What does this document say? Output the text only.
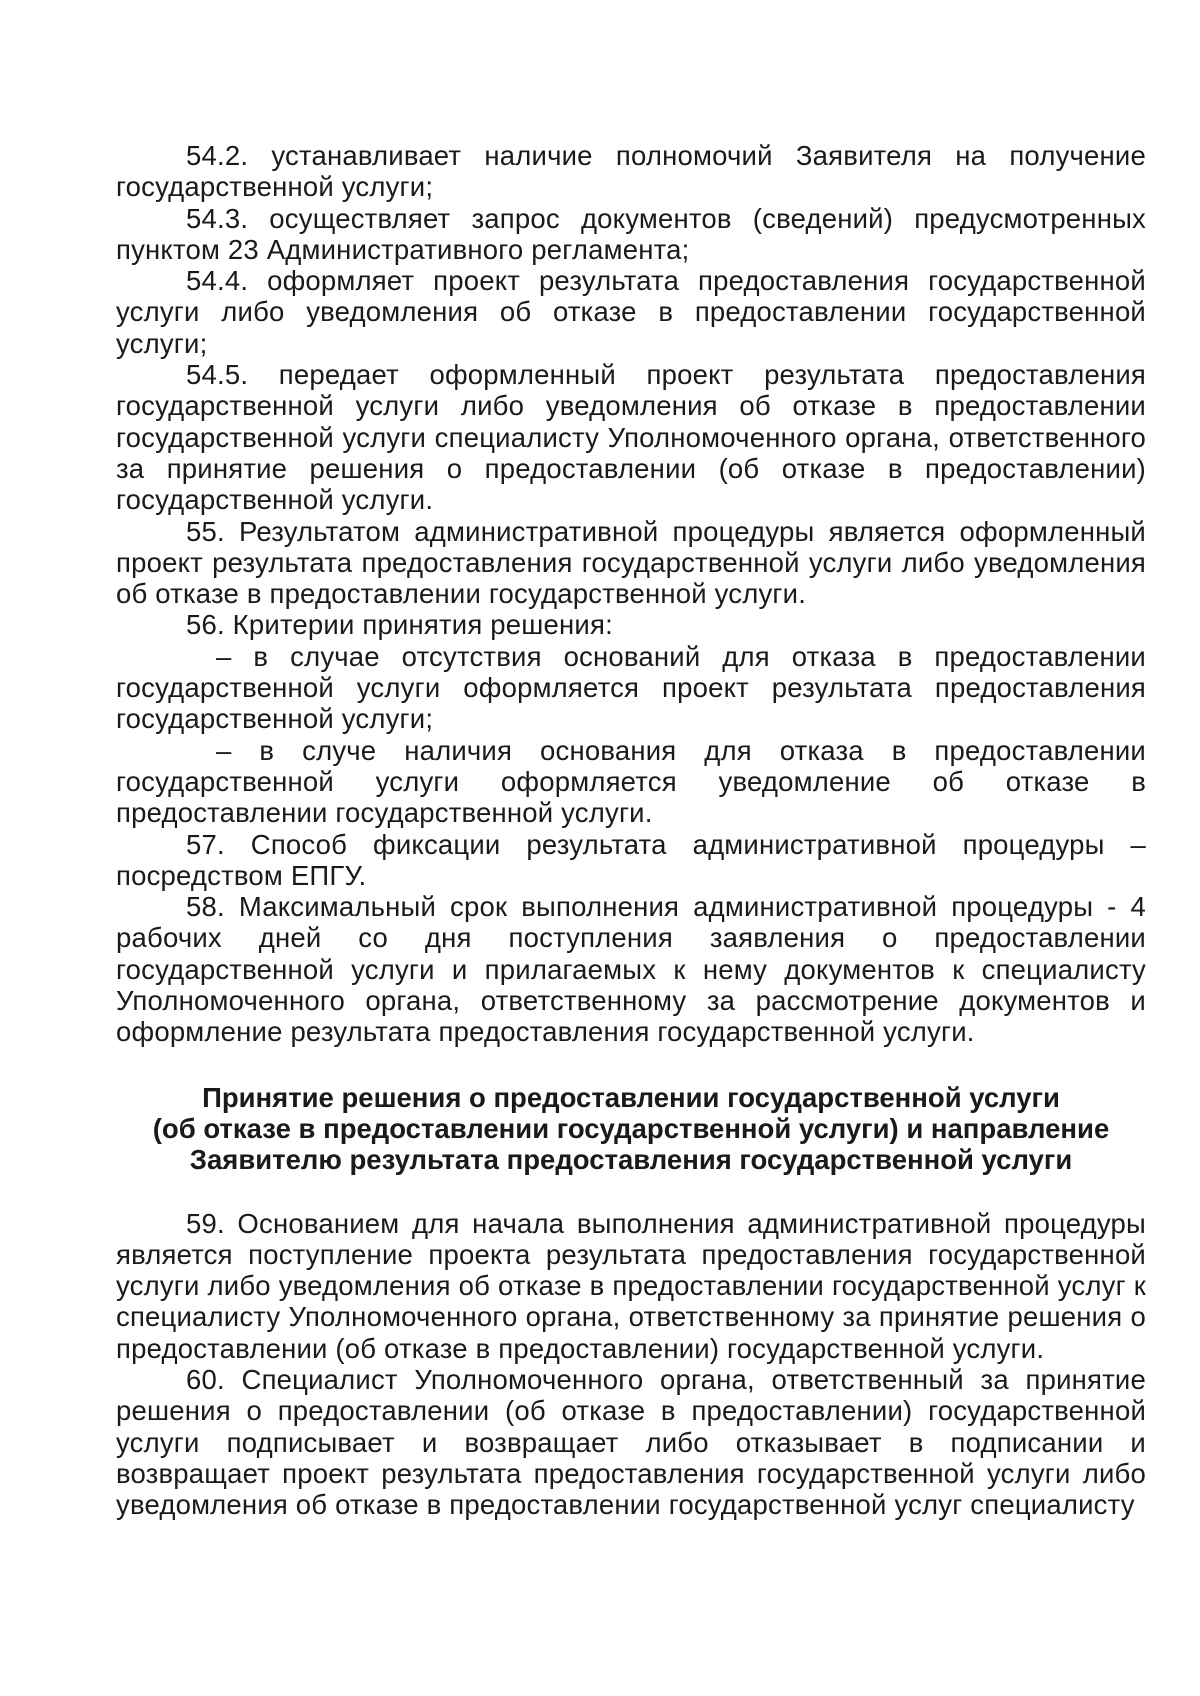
54.2. устанавливает наличие полномочий Заявителя на получение государственной услуги;

54.3. осуществляет запрос документов (сведений) предусмотренных пунктом 23 Административного регламента;

54.4. оформляет проект результата предоставления государственной услуги либо уведомления об отказе в предоставлении государственной услуги;

54.5. передает оформленный проект результата предоставления государственной услуги либо уведомления об отказе в предоставлении государственной услуги специалисту Уполномоченного органа, ответственного за принятие решения о предоставлении (об отказе в предоставлении) государственной услуги.

55. Результатом административной процедуры является оформленный проект результата предоставления государственной услуги либо уведомления об отказе в предоставлении государственной услуги.

56. Критерии принятия решения:

– в случае отсутствия оснований для отказа в предоставлении государственной услуги оформляется проект результата предоставления государственной услуги;

– в случе наличия основания для отказа в предоставлении государственной услуги оформляется уведомление об отказе в предоставлении государственной услуги.

57. Способ фиксации результата административной процедуры – посредством ЕПГУ.

58. Максимальный срок выполнения административной процедуры - 4 рабочих дней со дня поступления заявления о предоставлении государственной услуги и прилагаемых к нему документов к специалисту Уполномоченного органа, ответственному за рассмотрение документов и оформление результата предоставления государственной услуги.

Принятие решения о предоставлении государственной услуги
(об отказе в предоставлении государственной услуги) и направление
Заявителю результата предоставления государственной услуги

59. Основанием для начала выполнения административной процедуры является поступление проекта результата предоставления государственной услуги либо уведомления об отказе в предоставлении государственной услуг к специалисту Уполномоченного органа, ответственному за принятие решения о предоставлении (об отказе в предоставлении) государственной услуги.

60. Специалист Уполномоченного органа, ответственный за принятие решения о предоставлении (об отказе в предоставлении) государственной услуги подписывает и возвращает либо отказывает в подписании и возвращает проект результата предоставления государственной услуги либо уведомления об отказе в предоставлении государственной услуг специалисту
